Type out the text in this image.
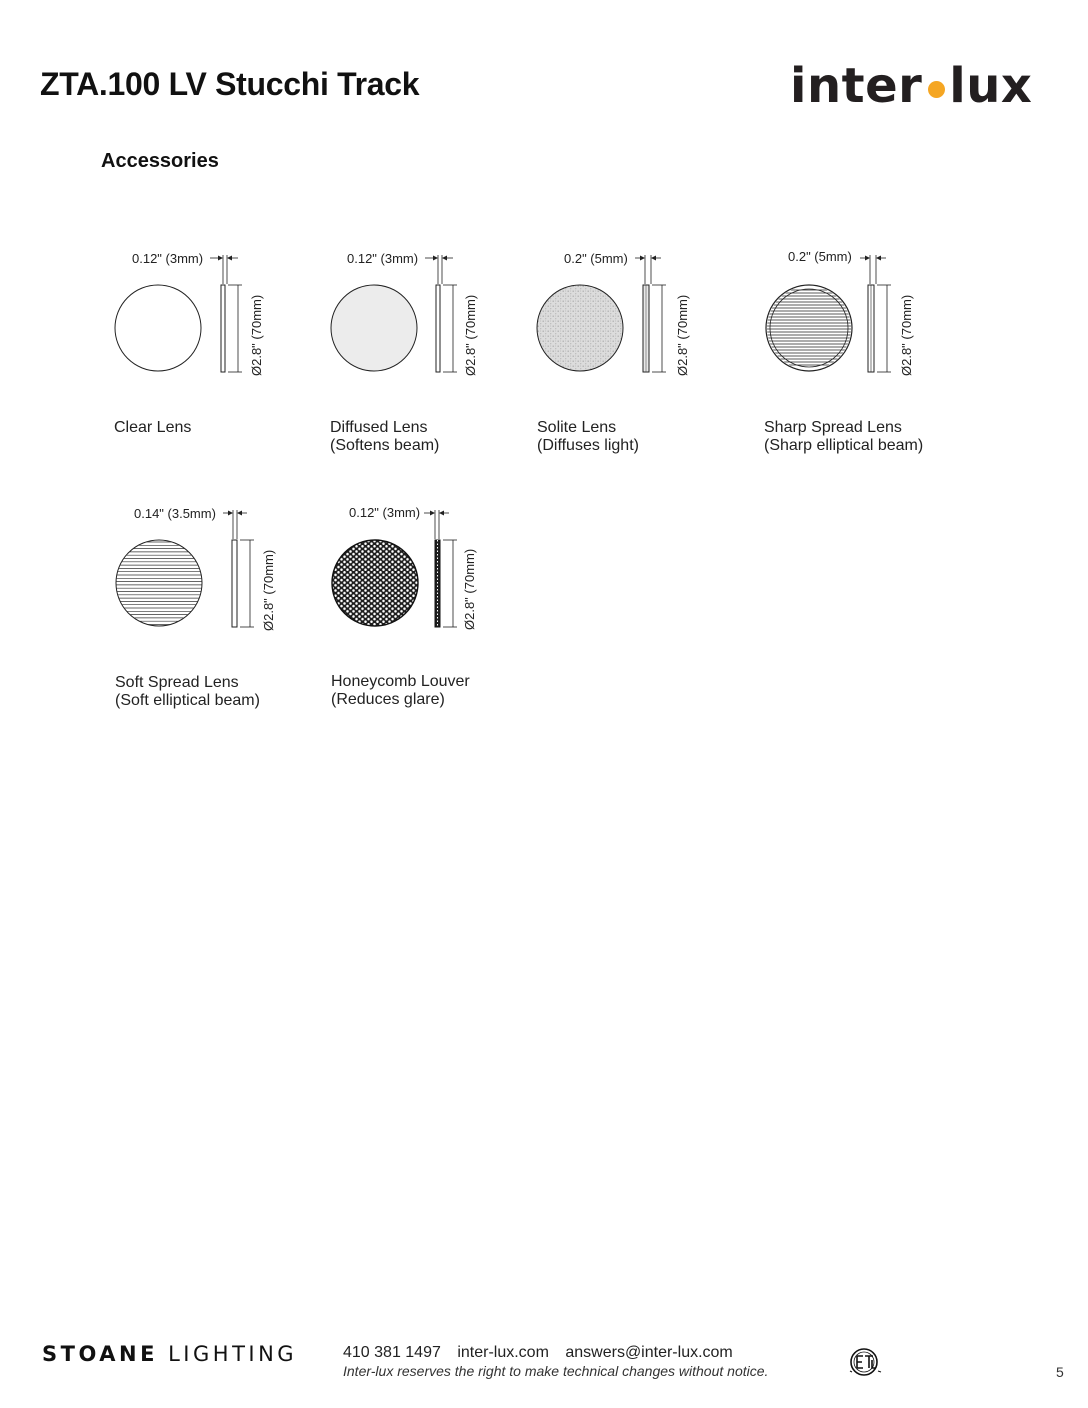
ZTA.100 LV Stucchi Track	inter lux
Accessories
0.12" (3mm)
Ø2.8" (70mm)
Clear Lens
0.12" (3mm)
Ø2.8" (70mm)
Diffused Lens
(Softens beam)
0.2" (5mm)
Ø2.8" (70mm)
Solite Lens
(Diffuses light)
0.2" (5mm)
Ø2.8" (70mm)
Sharp Spread Lens
(Sharp elliptical beam)
0.14" (3.5mm)
Ø2.8" (70mm)
Soft Spread Lens
(Soft elliptical beam)
0.12" (3mm)
Ø2.8" (70mm)
Honeycomb Louver
(Reduces glare)
STOANE LIGHTING	410 381 1497 inter-lux.com answers@inter-lux.com
Inter-lux reserves the right to make technical changes without notice.	5
